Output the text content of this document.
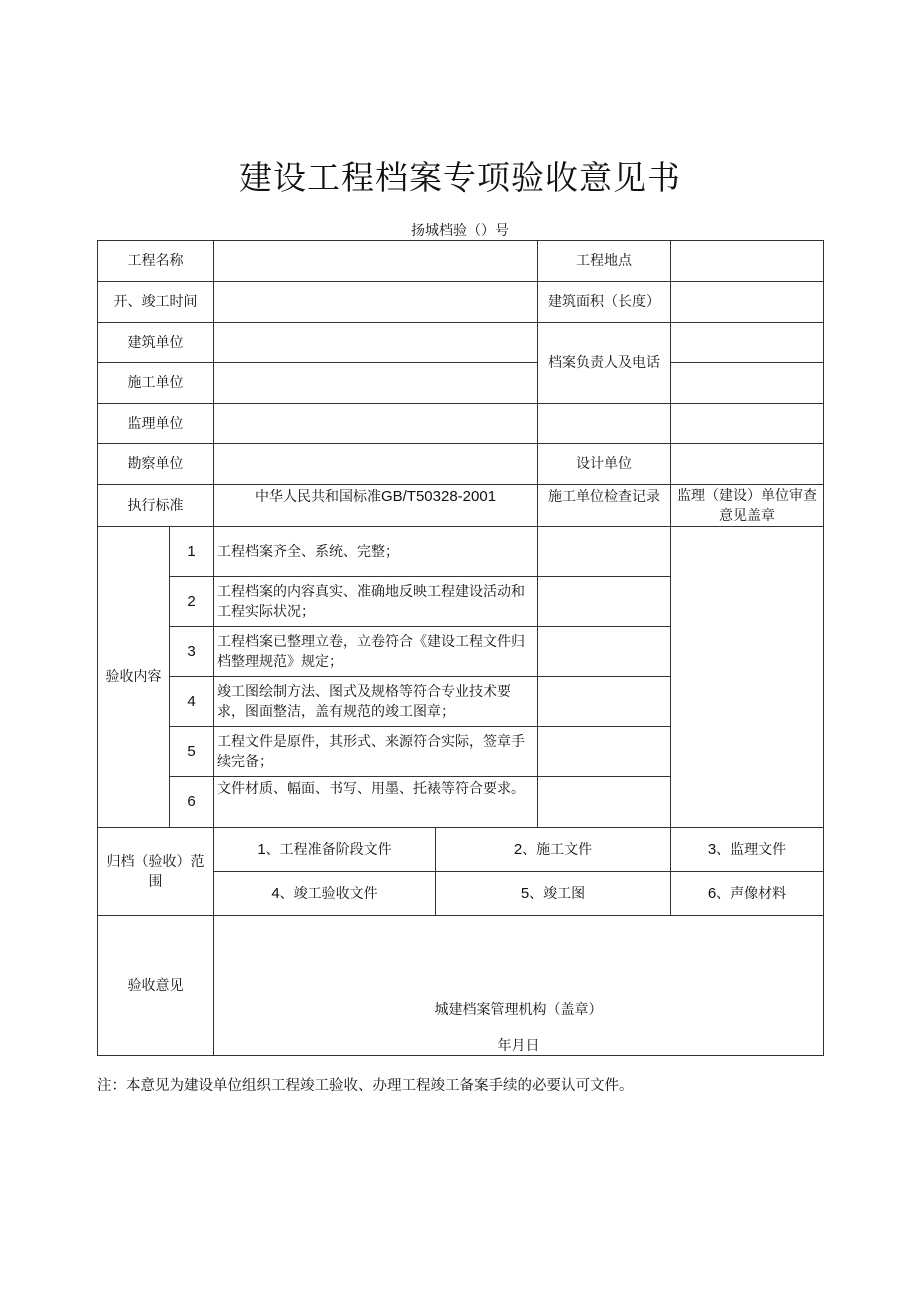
建设工程档案专项验收意见书
扬城档验（）号
工程名称				工程地点	
开、竣工时间				建筑面积（长度）	
建筑单位				档案负责人及电话	
施工单位					
监理单位					
勘察单位				设计单位	
执行标准		中华人民共和国标准GB/T50328-2001		施工单位检查记录	监理（建设）单位审查意见盖章
验收内容	1	工程档案齐全、系统、完整；			
	2	工程档案的内容真实、准确地反映工程建设活动和工程实际状况；			
	3	工程档案已整理立卷，立卷符合《建设工程文件归档整理规范》规定；			
	4	竣工图绘制方法、图式及规格等符合专业技术要求，图面整洁，盖有规范的竣工图章；			
	5	工程文件是原件，其形式、来源符合实际，签章手续完备；			
	6	文件材质、幅面、书写、用墨、托裱等符合要求。			
归档（验收）范围		1、工程准备阶段文件	2、施工文件		3、监理文件
		4、竣工验收文件	5、竣工图		6、声像材料
验收意见		城建档案管理机构（盖章）
年月日			
注：本意见为建设单位组织工程竣工验收、办理工程竣工备案手续的必要认可文件。
